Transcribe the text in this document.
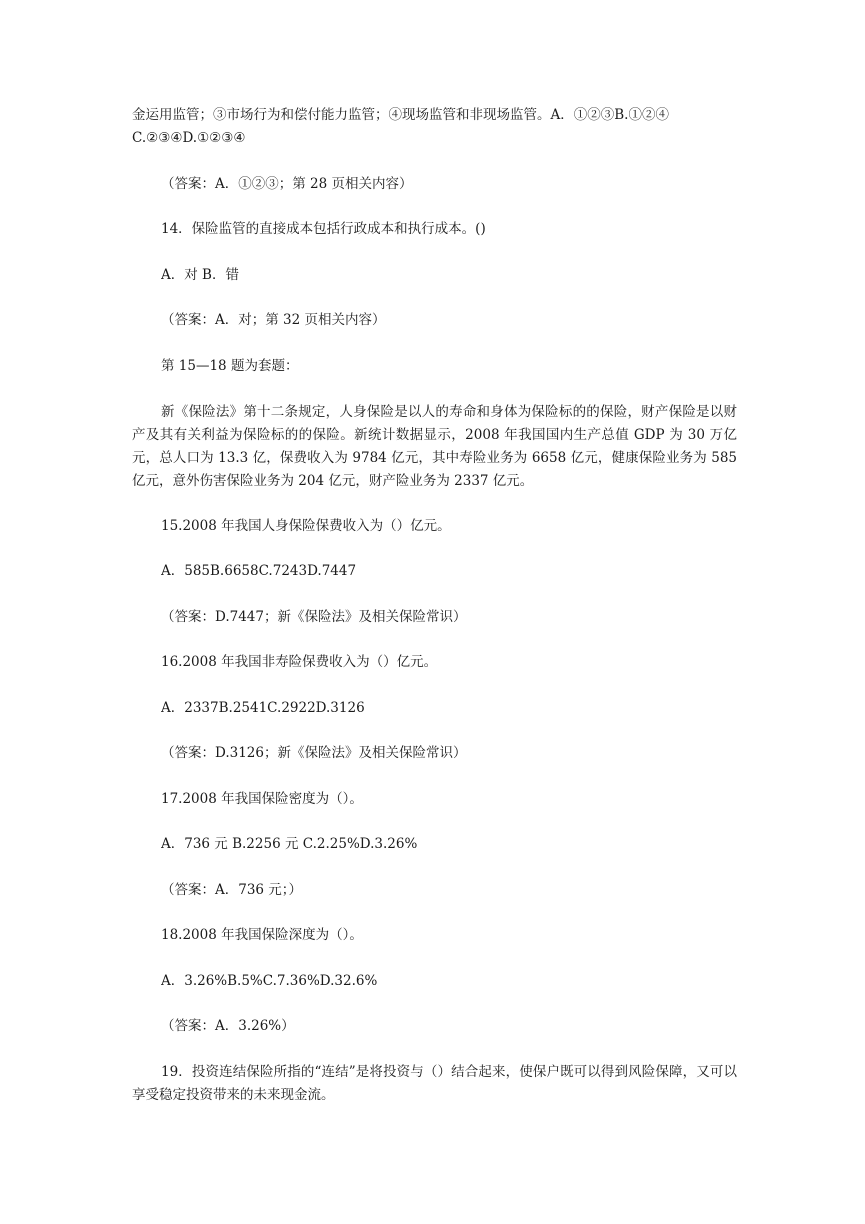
金运用监管；③市场行为和偿付能力监管；④现场监管和非现场监管。A．①②③B.①②④
C.②③④D.①②③④
（答案：A．①②③；第 28 页相关内容）
14．保险监管的直接成本包括行政成本和执行成本。()
A．对 B．错
（答案：A．对；第 32 页相关内容）
第 15—18 题为套题：
新《保险法》第十二条规定，人身保险是以人的寿命和身体为保险标的的保险，财产保险是以财产及其有关利益为保险标的的保险。新统计数据显示，2008 年我国国内生产总值 GDP 为 30 万亿元，总人口为 13.3 亿，保费收入为 9784 亿元，其中寿险业务为 6658 亿元，健康保险业务为 585 亿元，意外伤害保险业务为 204 亿元，财产险业务为 2337 亿元。
15.2008 年我国人身保险保费收入为（）亿元。
A．585B.6658C.7243D.7447
（答案：D.7447；新《保险法》及相关保险常识）
16.2008 年我国非寿险保费收入为（）亿元。
A．2337B.2541C.2922D.3126
（答案：D.3126；新《保险法》及相关保险常识）
17.2008 年我国保险密度为（）。
A．736 元 B.2256 元 C.2.25%D.3.26%
（答案：A．736 元；）
18.2008 年我国保险深度为（）。
A．3.26%B.5%C.7.36%D.32.6%
（答案：A．3.26%）
19．投资连结保险所指的“连结”是将投资与（）结合起来，使保户既可以得到风险保障，又可以享受稳定投资带来的未来现金流。
